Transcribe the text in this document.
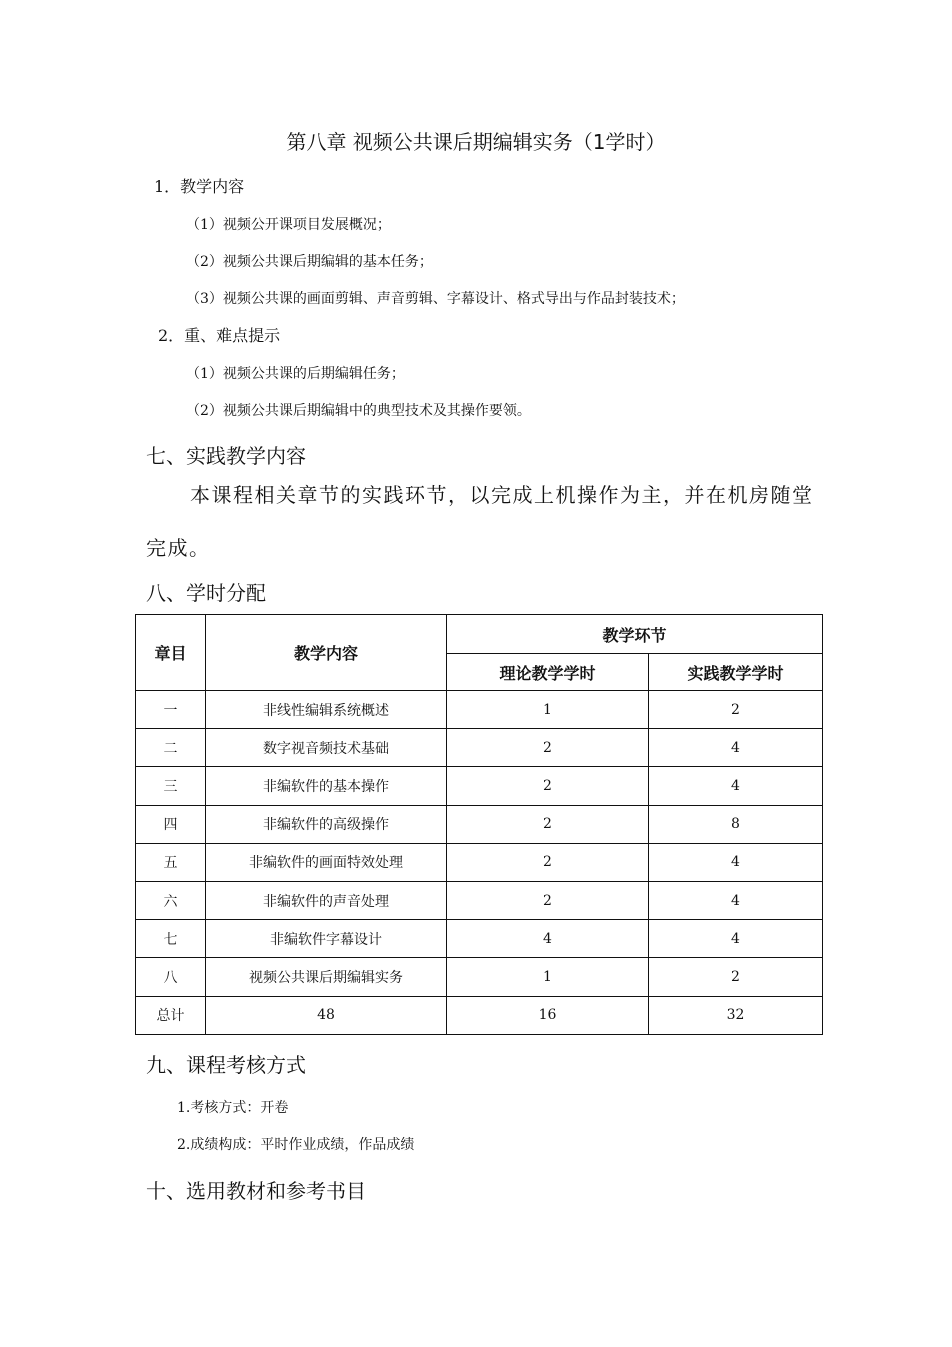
第八章 视频公共课后期编辑实务（1学时）
1．教学内容
（1）视频公开课项目发展概况；
（2）视频公共课后期编辑的基本任务；
（3）视频公共课的画面剪辑、声音剪辑、字幕设计、格式导出与作品封装技术；
2．重、难点提示
（1）视频公共课的后期编辑任务；
（2）视频公共课后期编辑中的典型技术及其操作要领。
七、实践教学内容
本课程相关章节的实践环节，以完成上机操作为主，并在机房随堂完成。
八、学时分配
章目	教学内容	教学环节	
		理论教学学时	实践教学学时
一	非线性编辑系统概述	1	2
二	数字视音频技术基础	2	4
三	非编软件的基本操作	2	4
四	非编软件的高级操作	2	8
五	非编软件的画面特效处理	2	4
六	非编软件的声音处理	2	4
七	非编软件字幕设计	4	4
八	视频公共课后期编辑实务	1	2
总计	48	16	32
九、课程考核方式
1.考核方式：开卷
2.成绩构成：平时作业成绩，作品成绩
十、选用教材和参考书目
